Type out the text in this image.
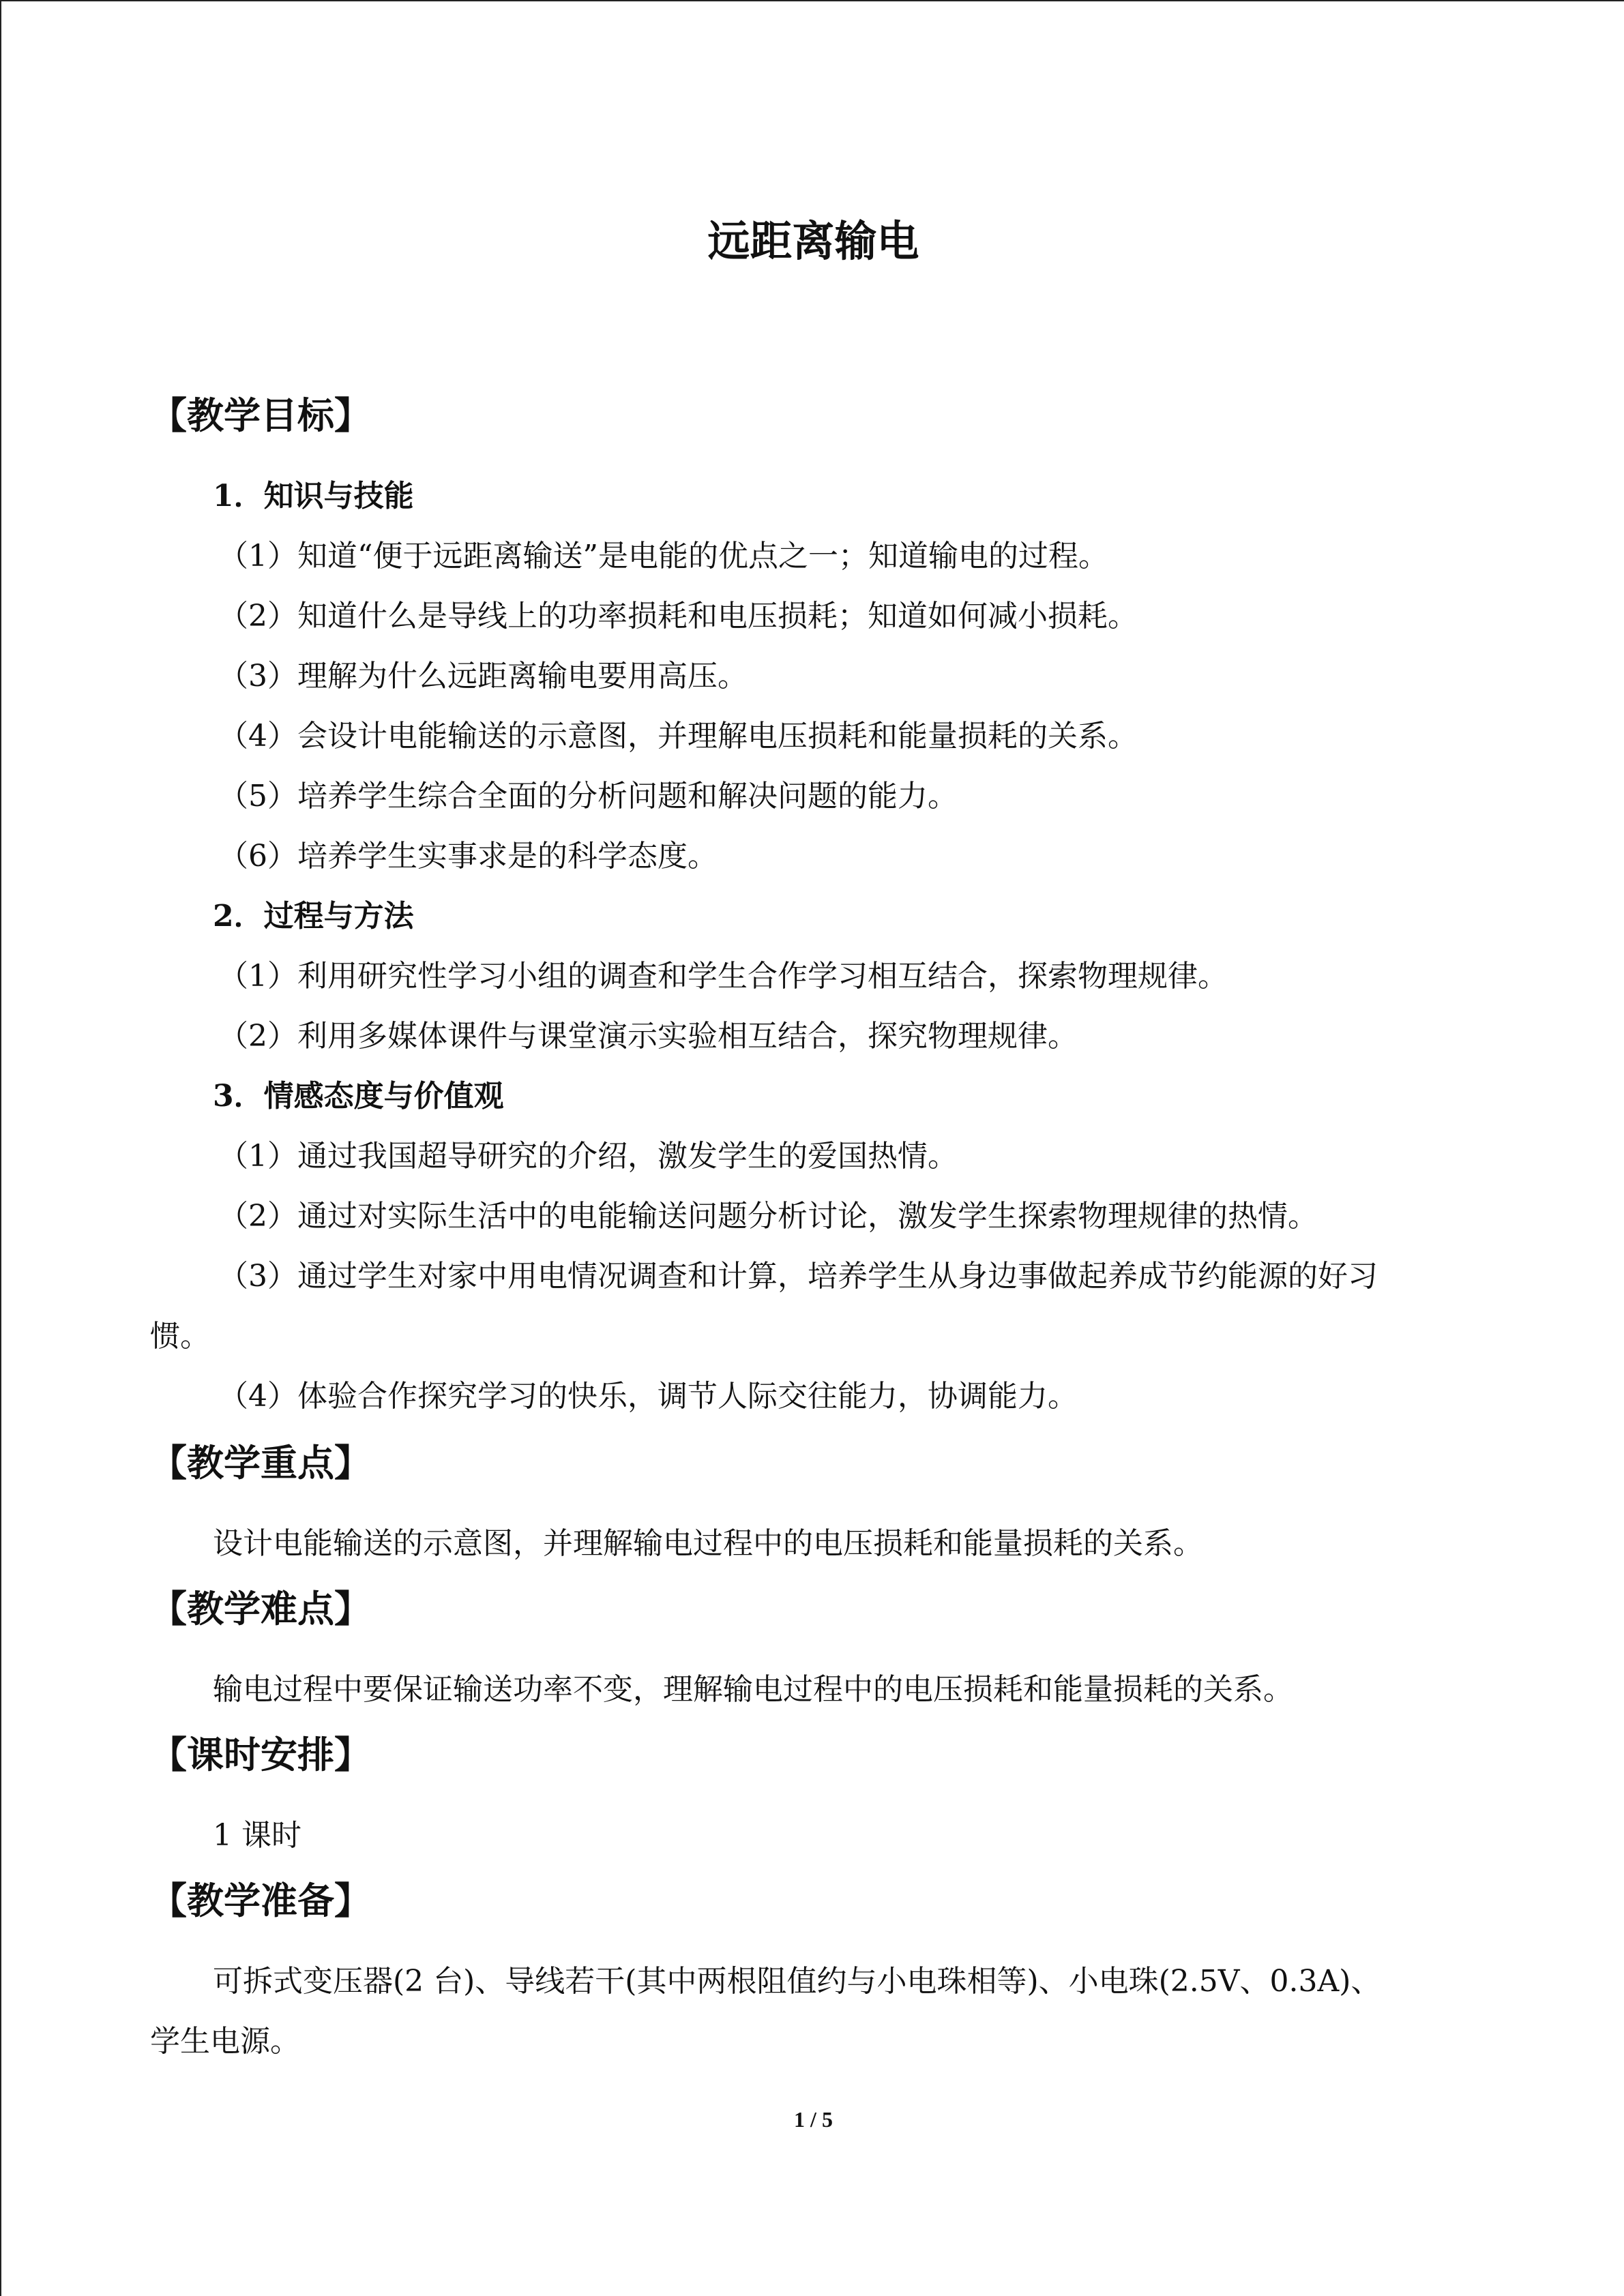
远距离输电
【教学目标】
1．知识与技能
（1）知道“便于远距离输送”是电能的优点之一；知道输电的过程。
（2）知道什么是导线上的功率损耗和电压损耗；知道如何减小损耗。
（3）理解为什么远距离输电要用高压。
（4）会设计电能输送的示意图，并理解电压损耗和能量损耗的关系。
（5）培养学生综合全面的分析问题和解决问题的能力。
（6）培养学生实事求是的科学态度。
2．过程与方法
（1）利用研究性学习小组的调查和学生合作学习相互结合，探索物理规律。
（2）利用多媒体课件与课堂演示实验相互结合，探究物理规律。
3．情感态度与价值观
（1）通过我国超导研究的介绍，激发学生的爱国热情。
（2）通过对实际生活中的电能输送问题分析讨论，激发学生探索物理规律的热情。
（3）通过学生对家中用电情况调查和计算，培养学生从身边事做起养成节约能源的好习
惯。
（4）体验合作探究学习的快乐，调节人际交往能力，协调能力。
【教学重点】
设计电能输送的示意图，并理解输电过程中的电压损耗和能量损耗的关系。
【教学难点】
输电过程中要保证输送功率不变，理解输电过程中的电压损耗和能量损耗的关系。
【课时安排】
1 课时
【教学准备】
可拆式变压器(2 台)、导线若干(其中两根阻值约与小电珠相等)、小电珠(2.5V、0.3A)、
学生电源。
1 / 5
